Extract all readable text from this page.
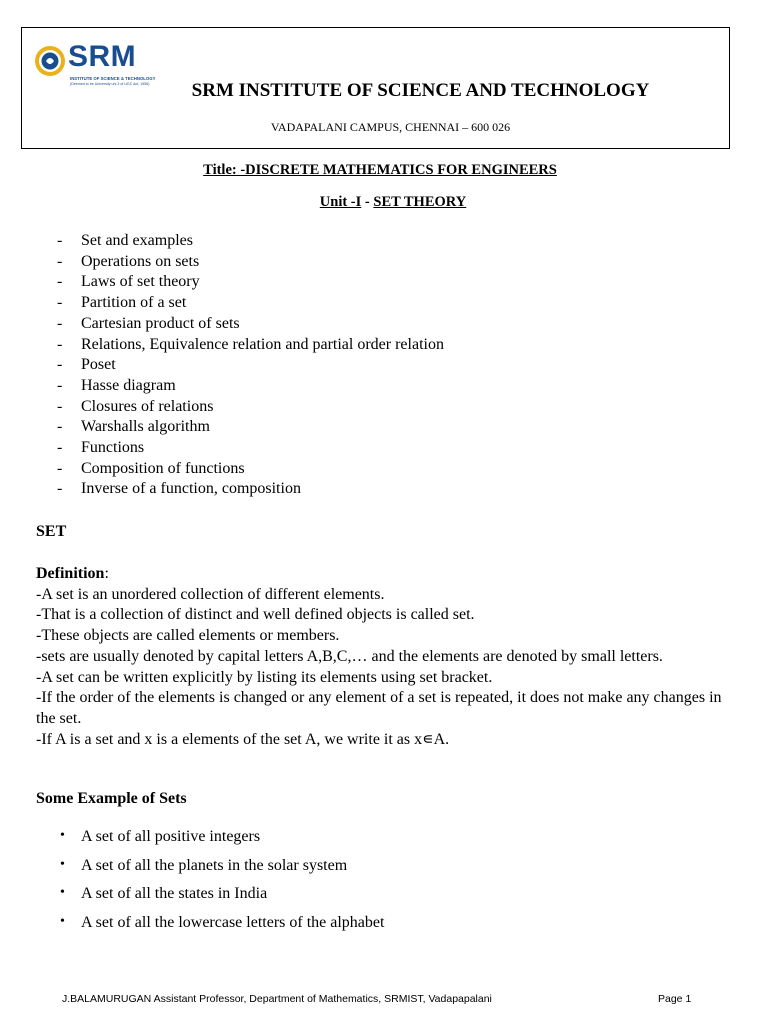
SRM
INSTITUTE OF SCIENCE & TECHNOLOGY
(Deemed to be University u/s 3 of UGC Act, 1956)	SRM INSTITUTE OF SCIENCE AND TECHNOLOGY
VADAPALANI CAMPUS, CHENNAI – 600 026
Title: -DISCRETE MATHEMATICS FOR ENGINEERS
Unit -I - SET THEORY
- Set and examples
- Operations on sets
- Laws of set theory
- Partition of a set
- Cartesian product of sets
- Relations, Equivalence relation and partial order relation
- Poset
- Hasse diagram
- Closures of relations
- Warshalls algorithm
- Functions
- Composition of functions
- Inverse of a function, composition
SET
Definition:
-A set is an unordered collection of different elements.
-That is a collection of distinct and well defined objects is called set.
-These objects are called elements or members.
-sets are usually denoted by capital letters A,B,C,… and the elements are denoted by small letters.
-A set can be written explicitly by listing its elements using set bracket.
-If the order of the elements is changed or any element of a set is repeated, it does not make any changes in the set.
-If A is a set and x is a elements of the set A, we write it as x∊A.
Some Example of Sets
• A set of all positive integers
• A set of all the planets in the solar system
• A set of all the states in India
• A set of all the lowercase letters of the alphabet
J.BALAMURUGAN Assistant Professor, Department of Mathematics, SRMIST, Vadapapalani	Page 1
